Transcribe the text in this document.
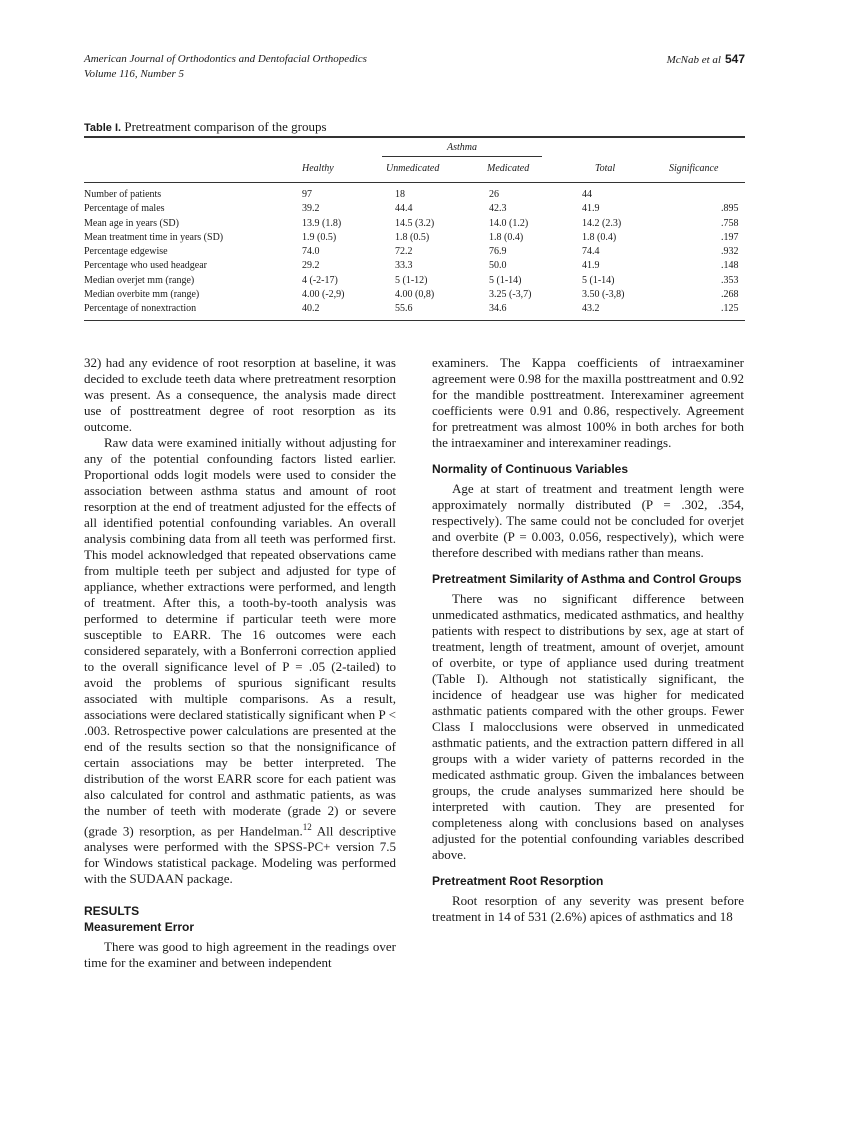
American Journal of Orthodontics and Dentofacial Orthopedics
Volume 116, Number 5
McNab et al 547
Table I. Pretreatment comparison of the groups
Asthma
Healthy	Unmedicated	Medicated	Total	Significance
Number of patients	97	18	26	44
Percentage of males	39.2	44.4	42.3	41.9	.895
Mean age in years (SD)	13.9 (1.8)	14.5 (3.2)	14.0 (1.2)	14.2 (2.3)	.758
Mean treatment time in years (SD)	1.9 (0.5)	1.8 (0.5)	1.8 (0.4)	1.8 (0.4)	.197
Percentage edgewise	74.0	72.2	76.9	74.4	.932
Percentage who used headgear	29.2	33.3	50.0	41.9	.148
Median overjet mm (range)	4 (-2-17)	5 (1-12)	5 (1-14)	5 (1-14)	.353
Median overbite mm (range)	4.00 (-2,9)	4.00 (0,8)	3.25 (-3,7)	3.50 (-3,8)	.268
Percentage of nonextraction	40.2	55.6	34.6	43.2	.125

32) had any evidence of root resorption at baseline, it was decided to exclude teeth data where pretreatment resorption was present. As a consequence, the analysis made direct use of posttreatment degree of root resorption as its outcome.

Raw data were examined initially without adjusting for any of the potential confounding factors listed earlier. Proportional odds logit models were used to consider the association between asthma status and amount of root resorption at the end of treatment adjusted for the effects of all identified potential confounding variables. An overall analysis combining data from all teeth was performed first. This model acknowledged that repeated observations came from multiple teeth per subject and adjusted for type of appliance, whether extractions were performed, and length of treatment. After this, a tooth-by-tooth analysis was performed to determine if particular teeth were more susceptible to EARR. The 16 outcomes were each considered separately, with a Bonferroni correction applied to the overall significance level of P = .05 (2-tailed) to avoid the problems of spurious significant results associated with multiple comparisons. As a result, associations were declared statistically significant when P < .003. Retrospective power calculations are presented at the end of the results section so that the nonsignificance of certain associations may be better interpreted. The distribution of the worst EARR score for each patient was also calculated for control and asthmatic patients, as was the number of teeth with moderate (grade 2) or severe (grade 3) resorption, as per Handelman.$^{12}$ All descriptive analyses were performed with the SPSS-PC+ version 7.5 for Windows statistical package. Modeling was performed with the SUDAAN package.

RESULTS
Measurement Error

There was good to high agreement in the readings over time for the examiner and between independent

examiners. The Kappa coefficients of intraexaminer agreement were 0.98 for the maxilla posttreatment and 0.92 for the mandible posttreatment. Interexaminer agreement coefficients were 0.91 and 0.86, respectively. Agreement for pretreatment was almost 100% in both arches for both the intraexaminer and interexaminer readings.

Normality of Continuous Variables

Age at start of treatment and treatment length were approximately normally distributed (P = .302, .354, respectively). The same could not be concluded for overjet and overbite (P = 0.003, 0.056, respectively), which were therefore described with medians rather than means.

Pretreatment Similarity of Asthma and Control Groups

There was no significant difference between unmedicated asthmatics, medicated asthmatics, and healthy patients with respect to distributions by sex, age at start of treatment, length of treatment, amount of overjet, amount of overbite, or type of appliance used during treatment (Table I). Although not statistically significant, the incidence of headgear use was higher for medicated asthmatic patients compared with the other groups. Fewer Class I malocclusions were observed in unmedicated asthmatic patients, and the extraction pattern differed in all groups with a wider variety of patterns recorded in the medicated asthmatic group. Given the imbalances between groups, the crude analyses summarized here should be interpreted with caution. They are presented for completeness along with conclusions based on analyses adjusted for the potential confounding variables described above.

Pretreatment Root Resorption

Root resorption of any severity was present before treatment in 14 of 531 (2.6%) apices of asthmatics and 18
